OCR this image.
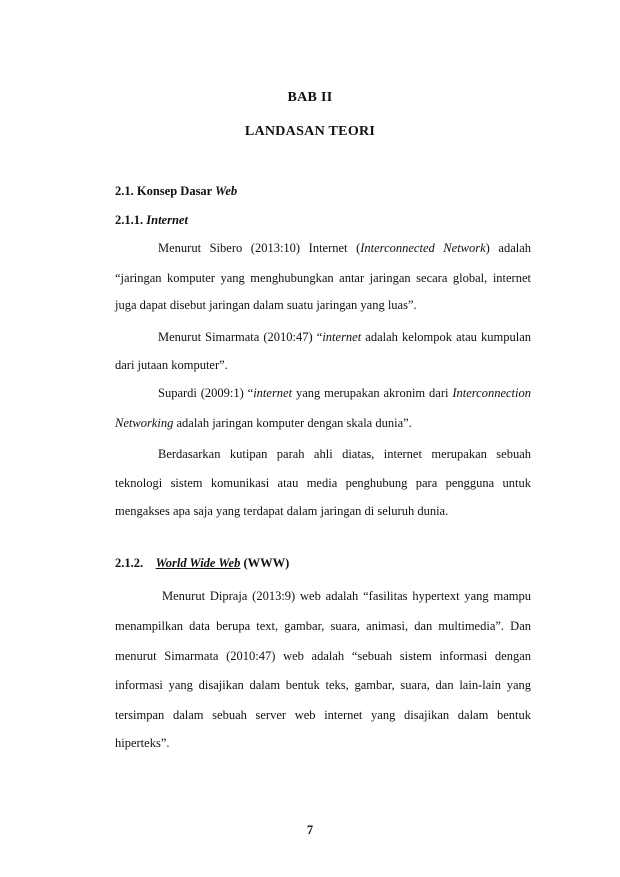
BAB II
LANDASAN TEORI
2.1. Konsep Dasar Web
2.1.1. Internet
Menurut Sibero (2013:10) Internet (Interconnected Network) adalah
“jaringan komputer yang menghubungkan antar jaringan secara global, internet
juga dapat disebut jaringan dalam suatu jaringan yang luas”.
Menurut Simarmata (2010:47) “internet adalah kelompok atau kumpulan
dari jutaan komputer”.
Supardi (2009:1) “internet yang merupakan akronim dari Interconnection
Networking adalah jaringan komputer dengan skala dunia”.
Berdasarkan kutipan parah ahli diatas, internet merupakan sebuah
teknologi sistem komunikasi atau media penghubung para pengguna untuk
mengakses apa saja yang terdapat dalam jaringan di seluruh dunia.
2.1.2. World Wide Web (WWW)
Menurut Dipraja (2013:9) web adalah “fasilitas hypertext yang mampu
menampilkan data berupa text, gambar, suara, animasi, dan multimedia”. Dan
menurut Simarmata (2010:47) web adalah “sebuah sistem informasi dengan
informasi yang disajikan dalam bentuk teks, gambar, suara, dan lain-lain yang
tersimpan dalam sebuah server web internet yang disajikan dalam bentuk
hiperteks”.
7
